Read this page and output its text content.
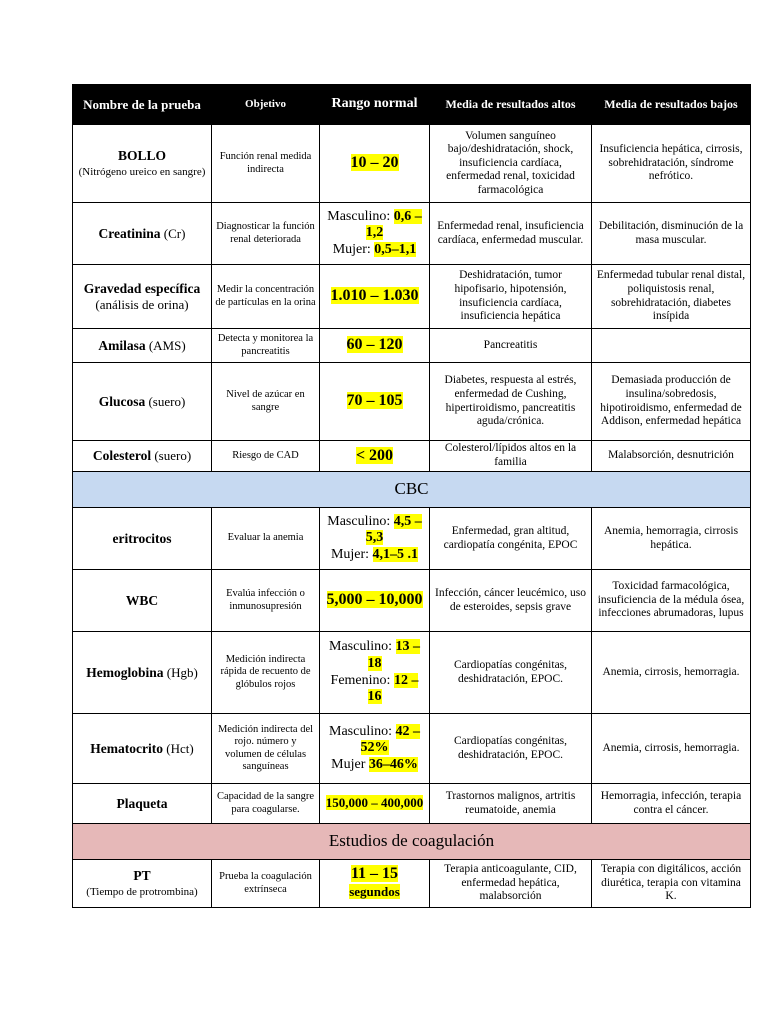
Nombre de la prueba	Objetivo	Rango normal	Media de resultados altos	Media de resultados bajos
BOLLO
(Nitrógeno ureico en sangre)	Función renal medida indirecta	10 – 20	Volumen sanguíneo bajo/deshidratación, shock, insuficiencia cardíaca, enfermedad renal, toxicidad farmacológica	Insuficiencia hepática, cirrosis, sobrehidratación, síndrome nefrótico.
Creatinina (Cr)	Diagnosticar la función renal deteriorada	Masculino: 0,6 – 1,2
Mujer: 0,5–1,1	Enfermedad renal, insuficiencia cardíaca, enfermedad muscular.	Debilitación, disminución de la masa muscular.
Gravedad específica
(análisis de orina)	Medir la concentración de partículas en la orina	1.010 – 1.030	Deshidratación, tumor hipofisario, hipotensión, insuficiencia cardíaca, insuficiencia hepática	Enfermedad tubular renal distal, poliquistosis renal, sobrehidratación, diabetes insípida
Amilasa (AMS)	Detecta y monitorea la pancreatitis	60 – 120	Pancreatitis	
Glucosa (suero)	Nivel de azúcar en sangre	70 – 105	Diabetes, respuesta al estrés, enfermedad de Cushing, hipertiroidismo, pancreatitis aguda/crónica.	Demasiada producción de insulina/sobredosis, hipotiroidismo, enfermedad de Addison, enfermedad hepática
Colesterol (suero)	Riesgo de CAD	< 200	Colesterol/lípidos altos en la familia	Malabsorción, desnutrición
CBC				
eritrocitos	Evaluar la anemia	Masculino: 4,5 – 5,3
Mujer: 4,1–5 .1	Enfermedad, gran altitud, cardiopatía congénita, EPOC	Anemia, hemorragia, cirrosis hepática.
WBC	Evalúa infección o inmunosupresión	5,000 – 10,000	Infección, cáncer leucémico, uso de esteroides, sepsis grave	Toxicidad farmacológica, insuficiencia de la médula ósea, infecciones abrumadoras, lupus
Hemoglobina (Hgb)	Medición indirecta rápida de recuento de glóbulos rojos	Masculino: 13 – 18
Femenino: 12 – 16	Cardiopatías congénitas, deshidratación, EPOC.	Anemia, cirrosis, hemorragia.
Hematocrito (Hct)	Medición indirecta del rojo. número y volumen de células sanguíneas	Masculino: 42 – 52%
Mujer 36–46%	Cardiopatías congénitas, deshidratación, EPOC.	Anemia, cirrosis, hemorragia.
Plaqueta	Capacidad de la sangre para coagularse.	150,000 – 400,000	Trastornos malignos, artritis reumatoide, anemia	Hemorragia, infección, terapia contra el cáncer.
Estudios de coagulación				
PT
(Tiempo de protrombina)	Prueba la coagulación extrínseca	11 – 15
segundos	Terapia anticoagulante, CID, enfermedad hepática, malabsorción	Terapia con digitálicos, acción diurética, terapia con vitamina K.
